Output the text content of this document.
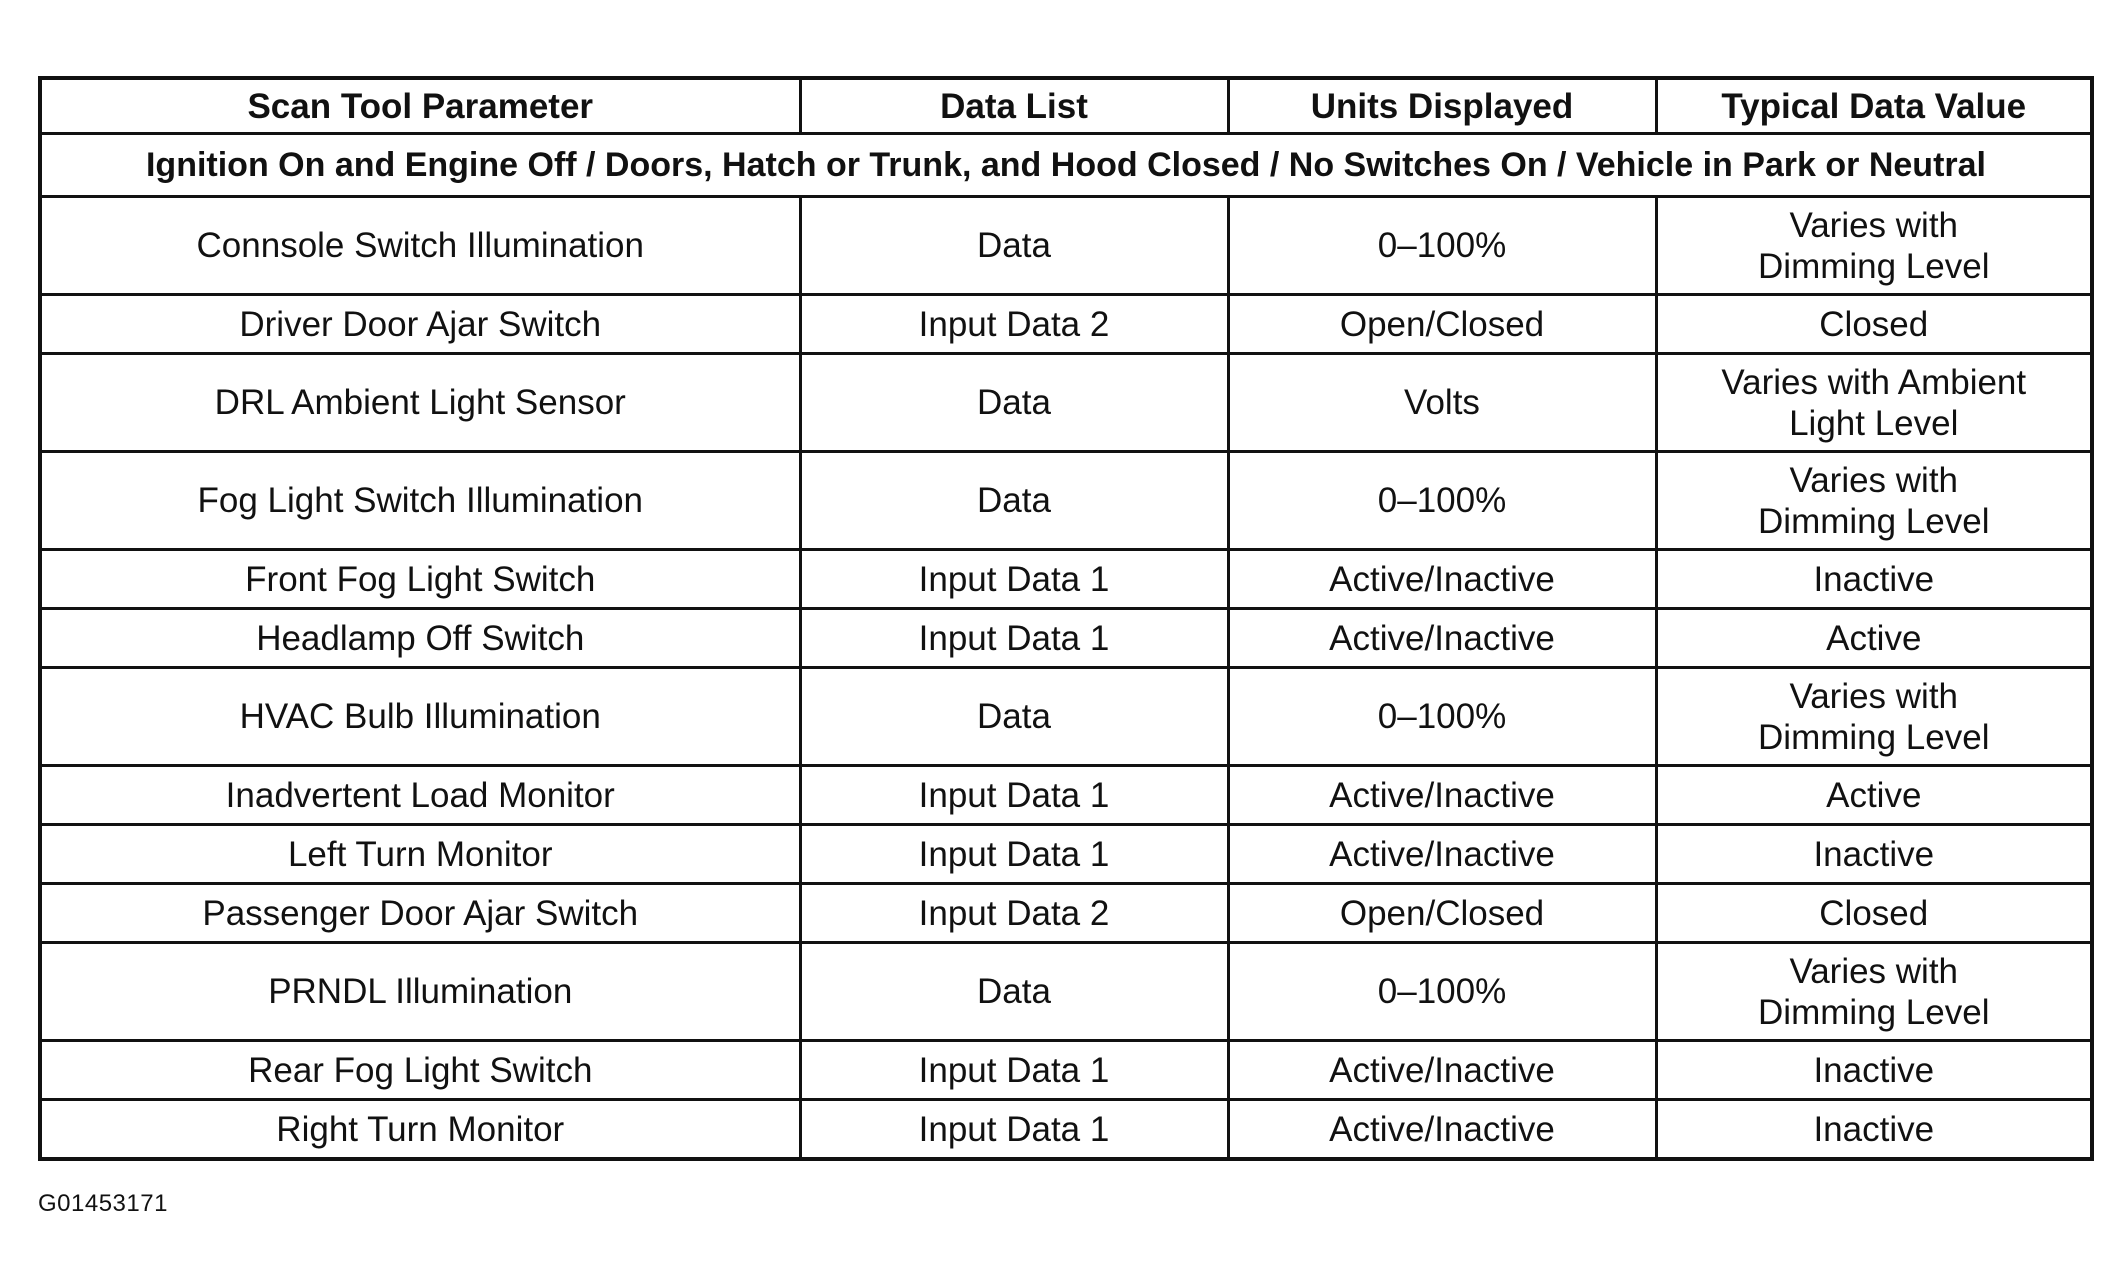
Scan Tool Parameter	Data List	Units Displayed	Typical Data Value
Ignition On and Engine Off / Doors, Hatch or Trunk, and Hood Closed / No Switches On / Vehicle in Park or Neutral			
Connsole Switch Illumination	Data	0–100%	Varies with
Dimming Level
Driver Door Ajar Switch	Input Data 2	Open/Closed	Closed
DRL Ambient Light Sensor	Data	Volts	Varies with Ambient
Light Level
Fog Light Switch Illumination	Data	0–100%	Varies with
Dimming Level
Front Fog Light Switch	Input Data 1	Active/Inactive	Inactive
Headlamp Off Switch	Input Data 1	Active/Inactive	Active
HVAC Bulb Illumination	Data	0–100%	Varies with
Dimming Level
Inadvertent Load Monitor	Input Data 1	Active/Inactive	Active
Left Turn Monitor	Input Data 1	Active/Inactive	Inactive
Passenger Door Ajar Switch	Input Data 2	Open/Closed	Closed
PRNDL Illumination	Data	0–100%	Varies with
Dimming Level
Rear Fog Light Switch	Input Data 1	Active/Inactive	Inactive
Right Turn Monitor	Input Data 1	Active/Inactive	Inactive
G01453171
